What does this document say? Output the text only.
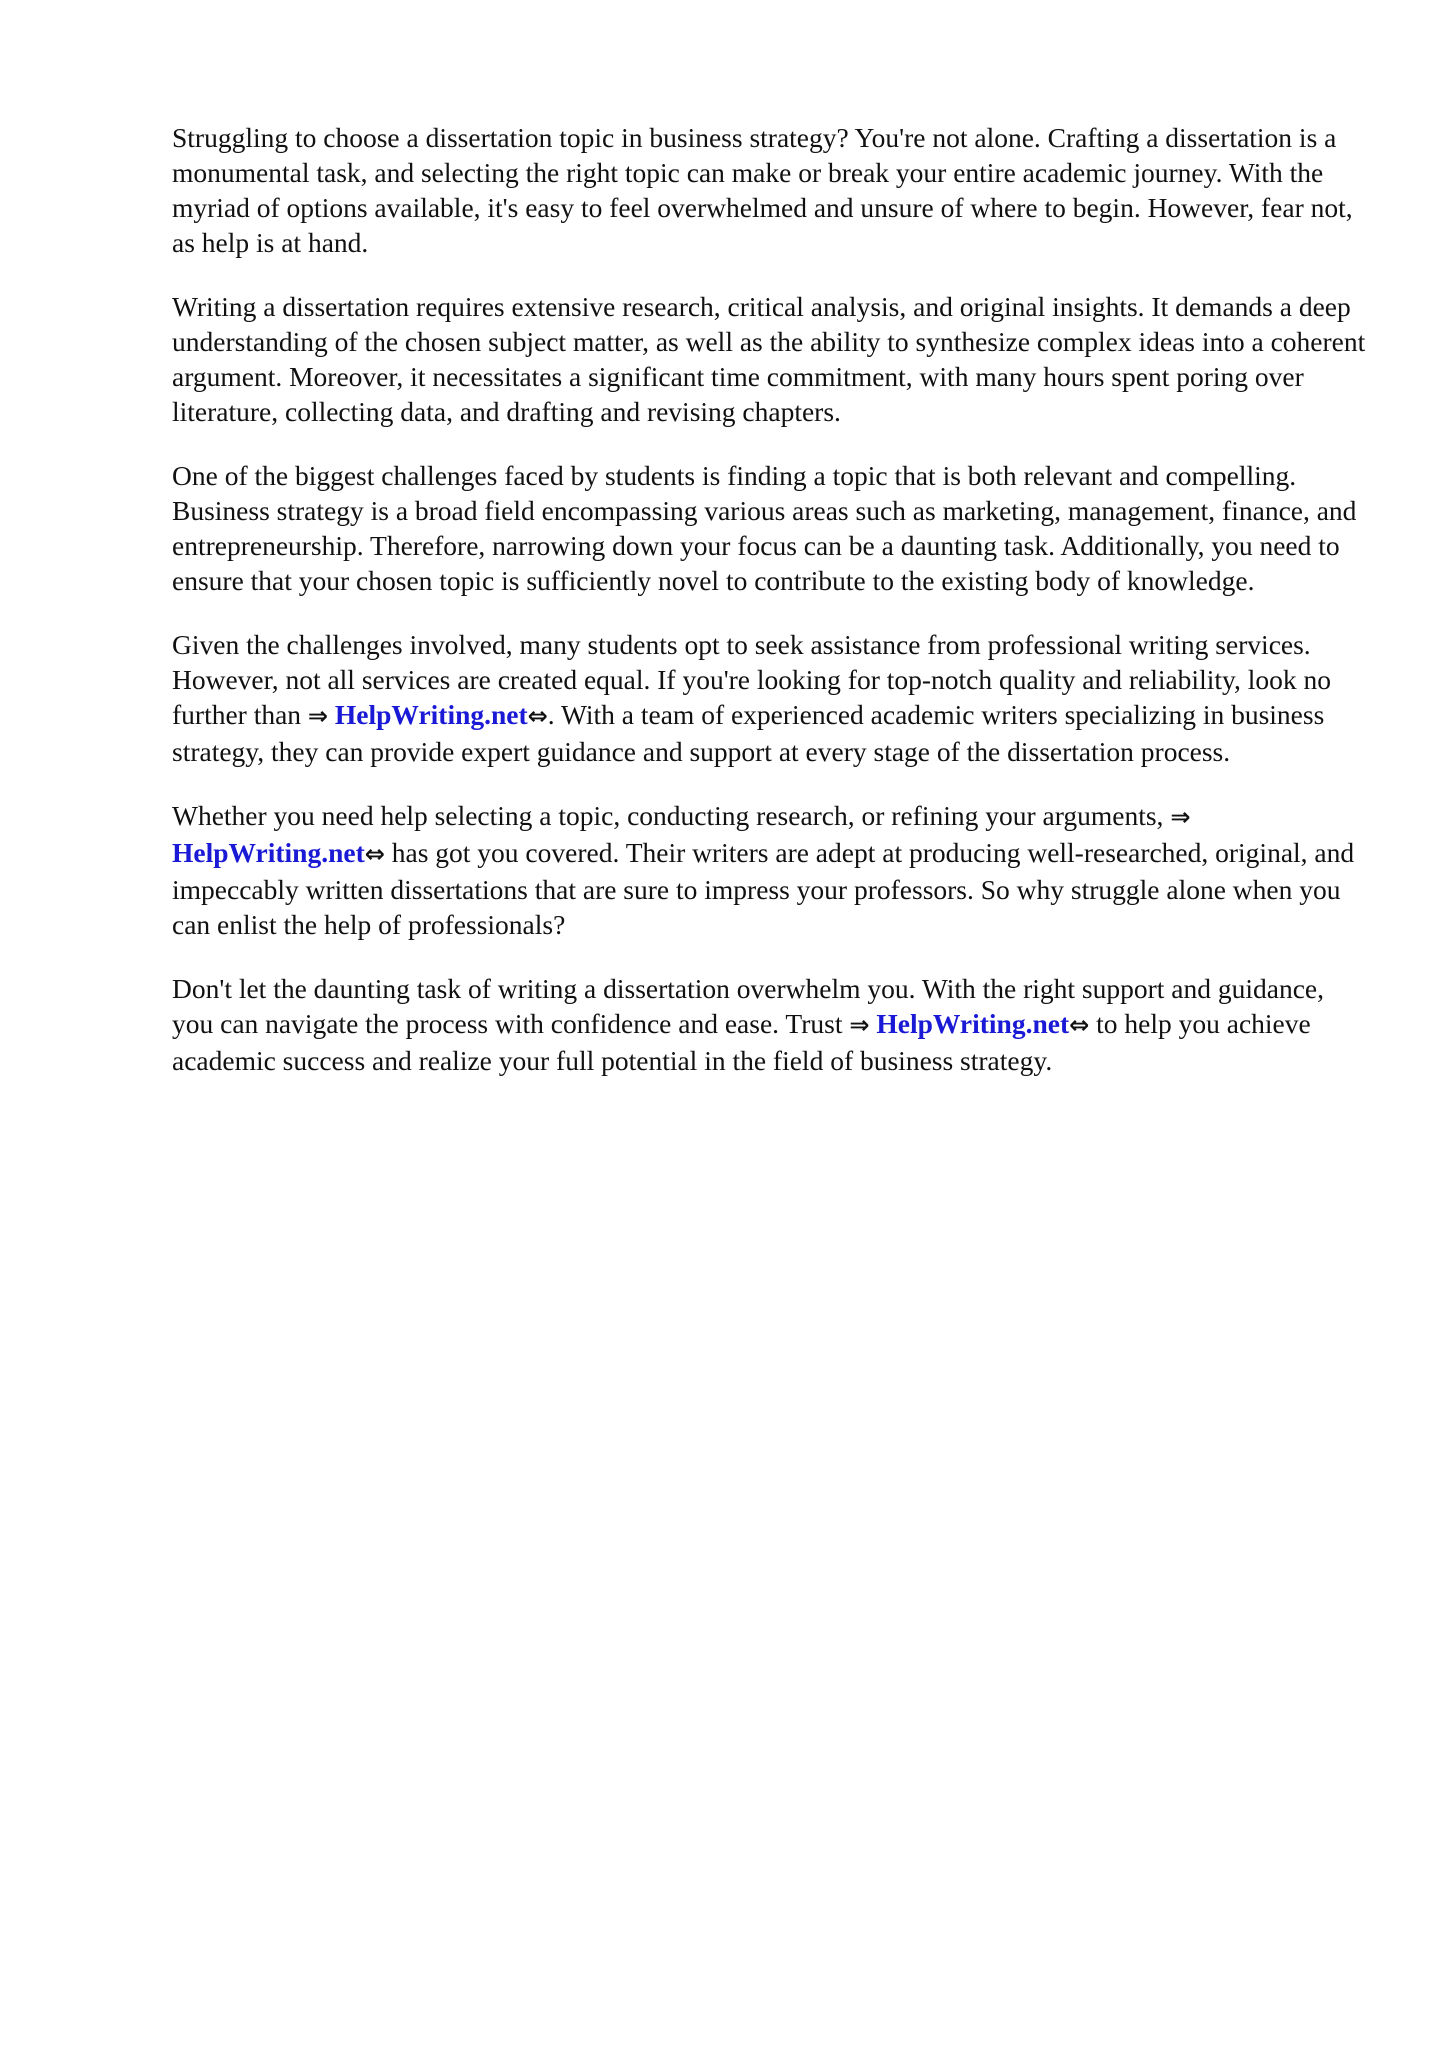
Struggling to choose a dissertation topic in business strategy? You're not alone. Crafting a dissertation is a monumental task, and selecting the right topic can make or break your entire academic journey. With the myriad of options available, it's easy to feel overwhelmed and unsure of where to begin. However, fear not, as help is at hand.

Writing a dissertation requires extensive research, critical analysis, and original insights. It demands a deep understanding of the chosen subject matter, as well as the ability to synthesize complex ideas into a coherent argument. Moreover, it necessitates a significant time commitment, with many hours spent poring over literature, collecting data, and drafting and revising chapters.

One of the biggest challenges faced by students is finding a topic that is both relevant and compelling. Business strategy is a broad field encompassing various areas such as marketing, management, finance, and entrepreneurship. Therefore, narrowing down your focus can be a daunting task. Additionally, you need to ensure that your chosen topic is sufficiently novel to contribute to the existing body of knowledge.

Given the challenges involved, many students opt to seek assistance from professional writing services. However, not all services are created equal. If you're looking for top-notch quality and reliability, look no further than ⇒ HelpWriting.net⇔. With a team of experienced academic writers specializing in business strategy, they can provide expert guidance and support at every stage of the dissertation process.

Whether you need help selecting a topic, conducting research, or refining your arguments, ⇒ HelpWriting.net⇔ has got you covered. Their writers are adept at producing well-researched, original, and impeccably written dissertations that are sure to impress your professors. So why struggle alone when you can enlist the help of professionals?

Don't let the daunting task of writing a dissertation overwhelm you. With the right support and guidance, you can navigate the process with confidence and ease. Trust ⇒ HelpWriting.net⇔ to help you achieve academic success and realize your full potential in the field of business strategy.
